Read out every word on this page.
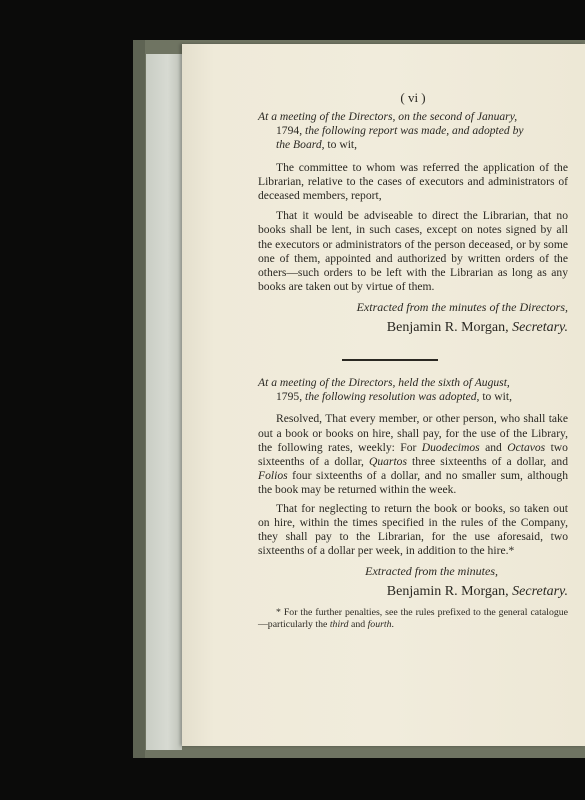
( vi )
At a meeting of the Directors, on the second of January,

1794, the following report was made, and adopted by
the Board, to wit,

The committee to whom was referred the application of the Librarian, relative to the cases of executors and administrators of deceased members, report,

That it would be adviseable to direct the Librarian, that no books shall be lent, in such cases, except on notes signed by all the executors or administrators of the person deceased, or by some one of them, appointed and authorized by written orders of the others—such orders to be left with the Librarian as long as any books are taken out by virtue of them.

Extracted from the minutes of the Directors,
Benjamin R. Morgan, Secretary.
At a meeting of the Directors, held the sixth of August,

1795, the following resolution was adopted, to wit,

Resolved, That every member, or other person, who shall take out a book or books on hire, shall pay, for the use of the Library, the following rates, weekly: For Duodecimos and Octavos two sixteenths of a dollar, Quartos three sixteenths of a dollar, and Folios four sixteenths of a dollar, and no smaller sum, although the book may be returned within the week.

That for neglecting to return the book or books, so taken out on hire, within the times specified in the rules of the Company, they shall pay to the Librarian, for the use aforesaid, two sixteenths of a dollar per week, in addition to the hire.*

Extracted from the minutes,
Benjamin R. Morgan, Secretary.

* For the further penalties, see the rules prefixed to the general catalogue—particularly the third and fourth.
